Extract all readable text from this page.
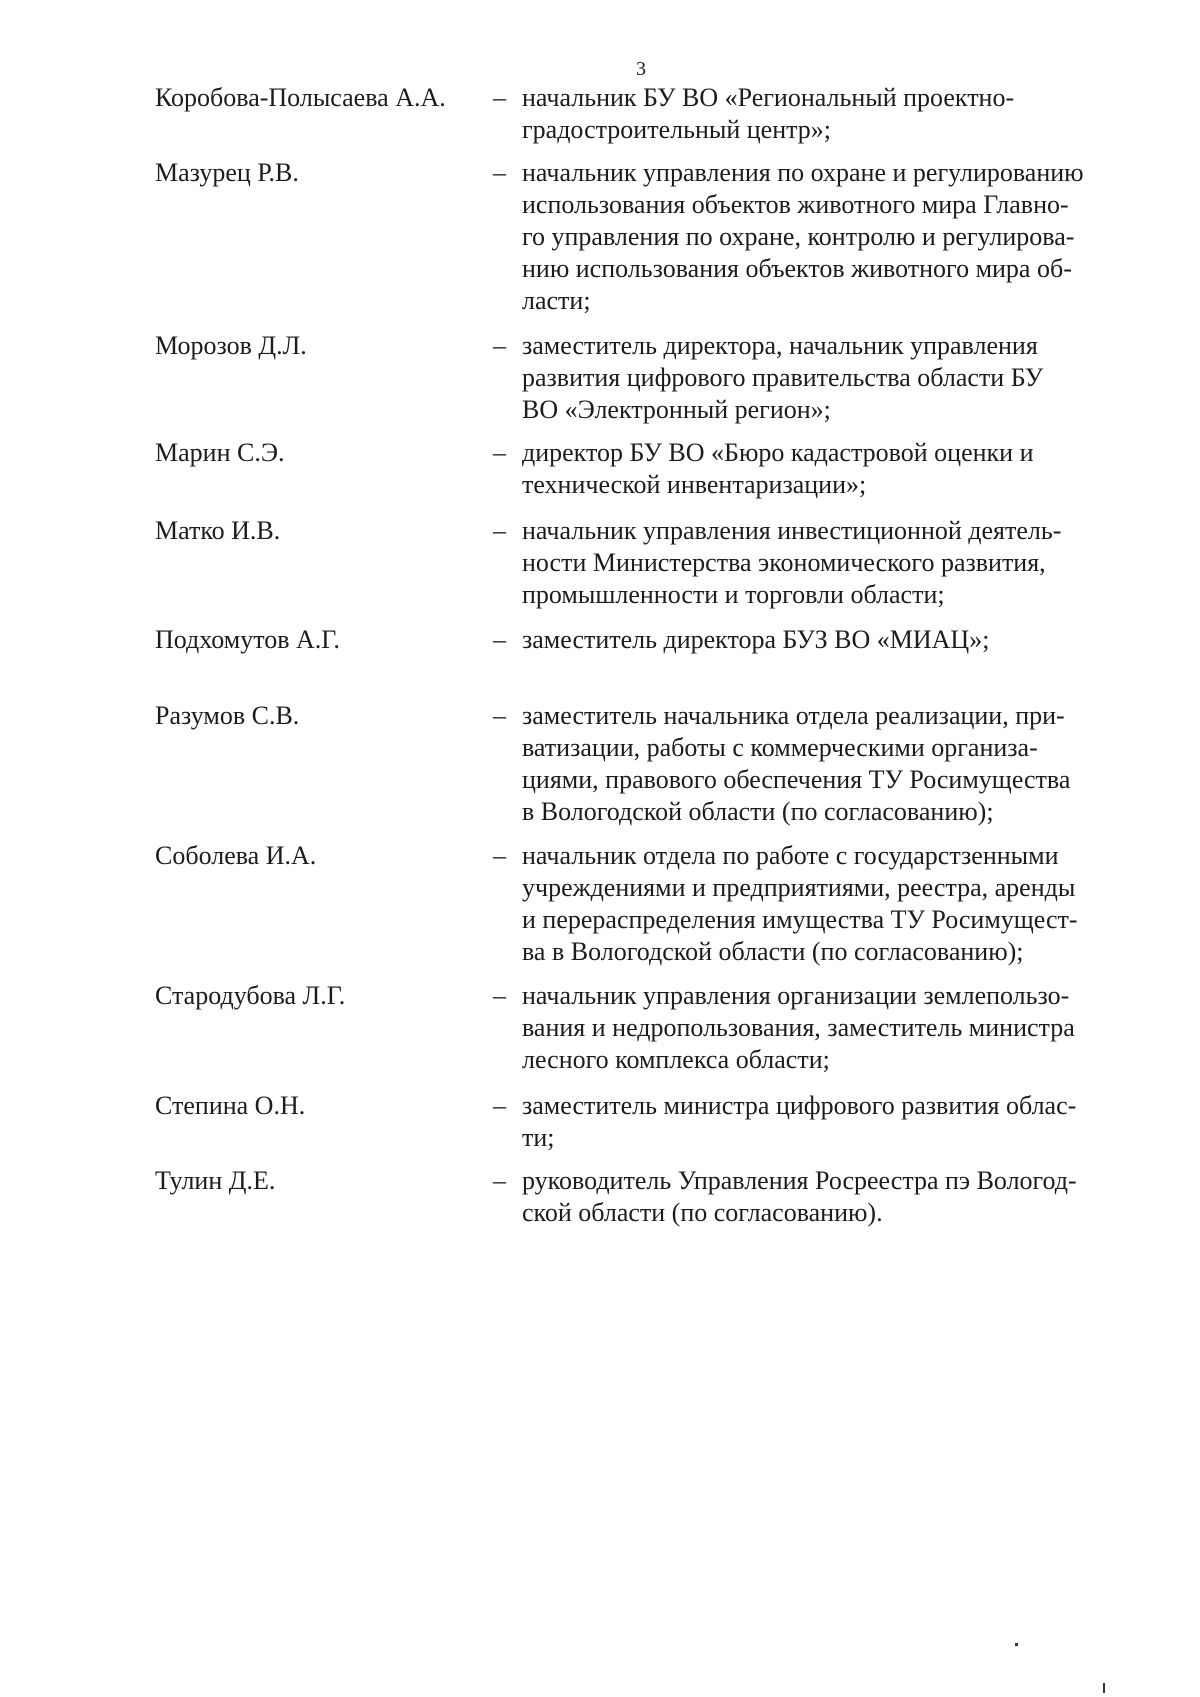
3
Коробова-Полысаева А.А. – начальник БУ ВО «Региональный проектно-
градостроительный центр»;
Мазурец Р.В.	– начальник управления по охране и регулированию
использования объектов животного мира Главно-
го управления по охране, контролю и регулирова-
нию использования объектов животного мира об-
ласти;
Морозов Д.Л.	– заместитель директора, начальник управления
развития цифрового правительства области БУ
ВО «Электронный регион»;
Марин С.Э.	– директор БУ ВО «Бюро кадастровой оценки и
технической инвентаризации»;
Матко И.В.	– начальник управления инвестиционной деятель-
ности Министерства экономического развития,
промышленности и торговли области;
Подхомутов А.Г.	– заместитель директора БУЗ ВО «МИАЦ»;
Разумов С.В.	– заместитель начальника отдела реализации, при-
ватизации, работы с коммерческими организа-
циями, правового обеспечения ТУ Росимущества
в Вологодской области (по согласованию);
Соболева И.А.	– начальник отдела по работе с государстзенными
учреждениями и предприятиями, реестра, аренды
и перераспределения имущества ТУ Росимущест-
ва в Вологодской области (по согласованию);
Стародубова Л.Г.	– начальник управления организации землепользо-
вания и недропользования, заместитель министра
лесного комплекса области;
Степина О.Н.	– заместитель министра цифрового развития облас-
ти;
Тулин Д.Е.	– руководитель Управления Росреестра пэ Вологод-
ской области (по согласованию).
